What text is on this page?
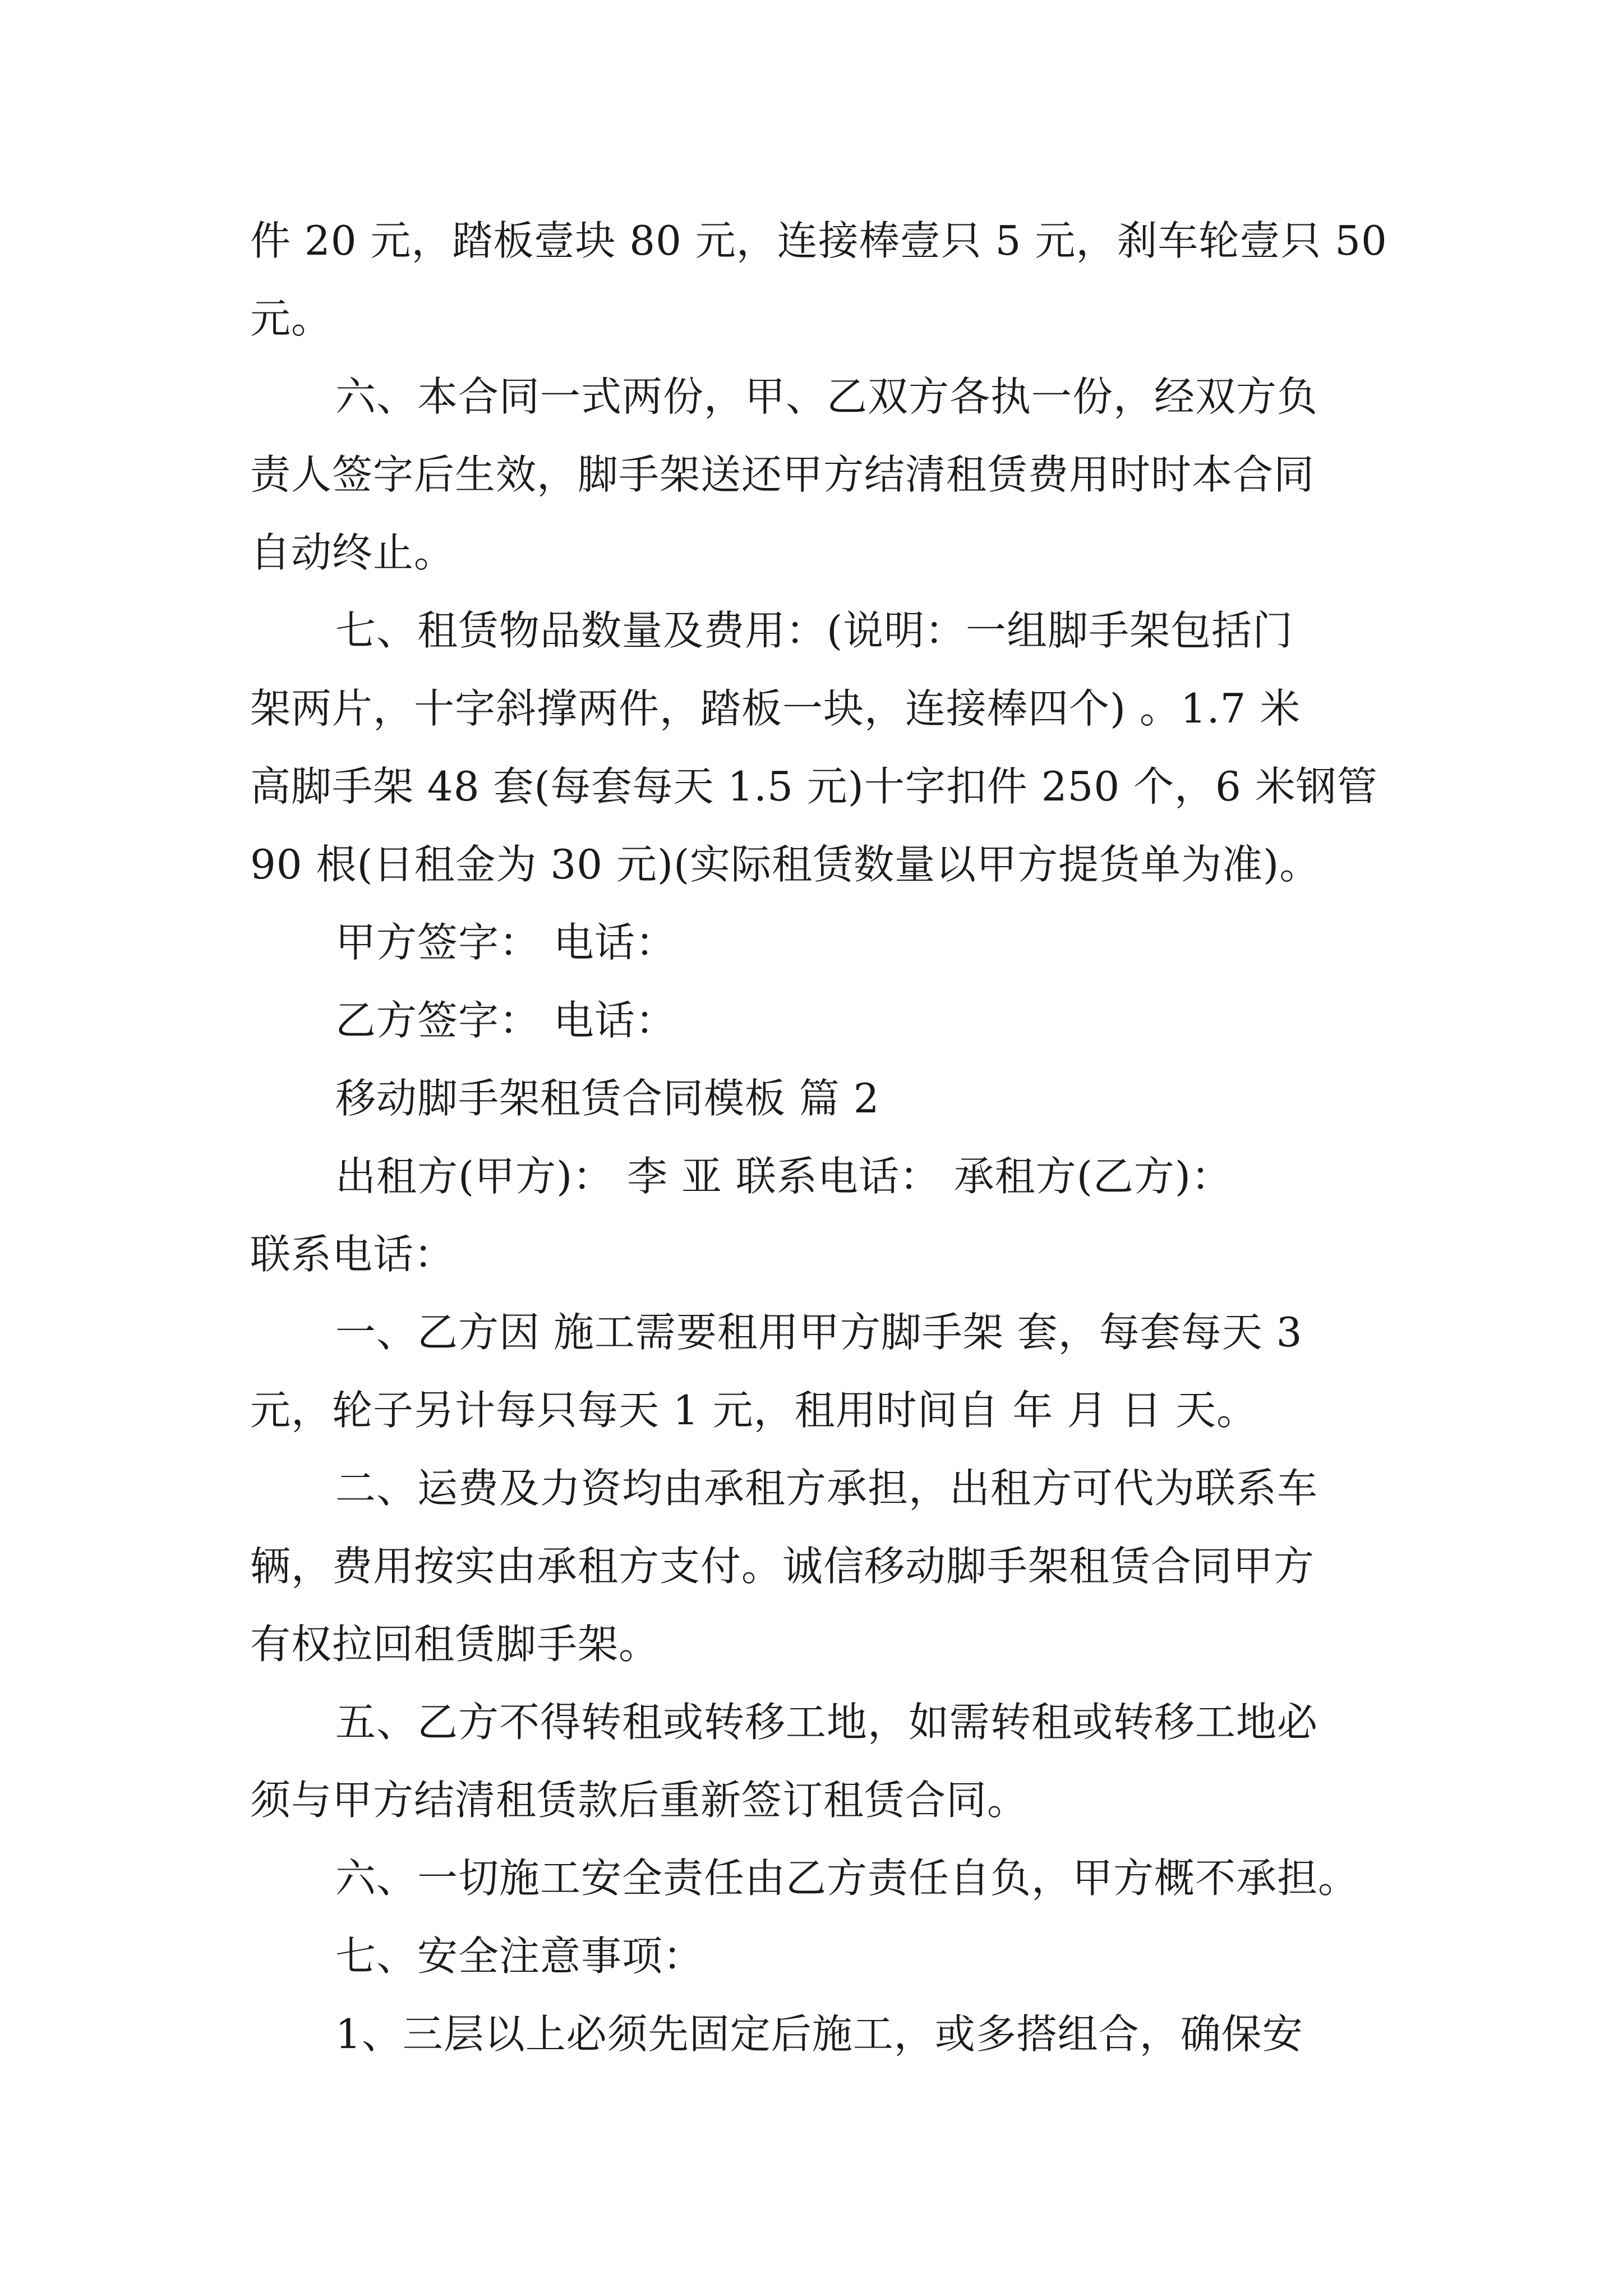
件 20 元，踏板壹块 80 元，连接棒壹只 5 元，刹车轮壹只 50
元。
六、本合同一式两份，甲、乙双方各执一份，经双方负
责人签字后生效，脚手架送还甲方结清租赁费用时时本合同
自动终止。
七、租赁物品数量及费用：(说明：一组脚手架包括门
架两片，十字斜撑两件，踏板一块，连接棒四个) 。1.7 米
高脚手架 48 套(每套每天 1.5 元)十字扣件 250 个，6 米钢管
90 根(日租金为 30 元)(实际租赁数量以甲方提货单为准)。
甲方签字： 电话：
乙方签字： 电话：
移动脚手架租赁合同模板 篇 2
出租方(甲方)： 李 亚 联系电话： 承租方(乙方)：
联系电话：
一、乙方因 施工需要租用甲方脚手架 套，每套每天 3
元，轮子另计每只每天 1 元，租用时间自 年 月 日 天。
二、运费及力资均由承租方承担，出租方可代为联系车
辆，费用按实由承租方支付。诚信移动脚手架租赁合同甲方
有权拉回租赁脚手架。
五、乙方不得转租或转移工地，如需转租或转移工地必
须与甲方结清租赁款后重新签订租赁合同。
六、一切施工安全责任由乙方责任自负，甲方概不承担。
七、安全注意事项：
1、三层以上必须先固定后施工，或多搭组合，确保安
